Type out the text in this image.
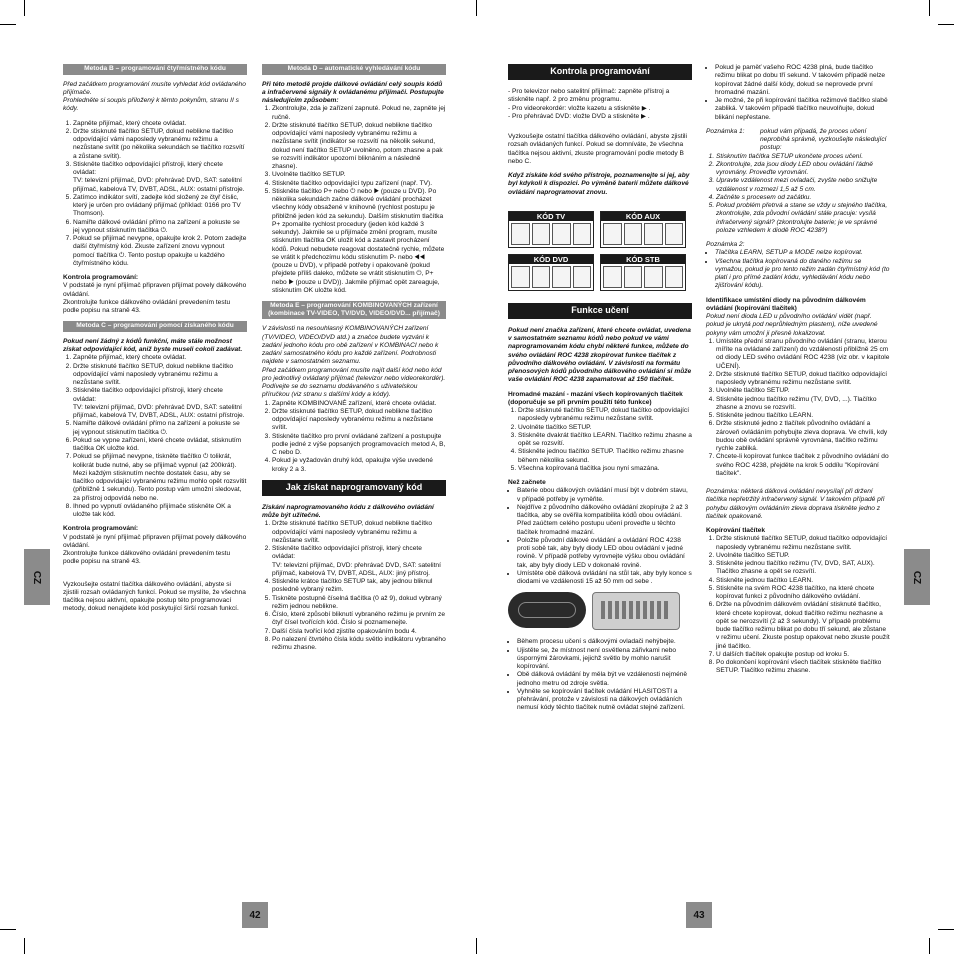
CZ	CZ
42	43
Metoda B – programování čtyřmístného kódu

Před začátkem programování musíte vyhledat kód ovládaného přijímače.

Prohledněte si soupis přiložený k těmto pokynům, stranu II s kódy.

1. Zapněte přijímač, který chcete ovládat.
2. Držte stisknuté tlačítko SETUP, dokud neblikne tlačítko odpovídající vámi naposledy vybranému režimu a nezůstane svítit (po několika sekundách se tlačítko rozsvítí a zůstane svítit).
3. Stiskněte tlačítko odpovídající přístroji, který chcete ovládat:
TV: televizní přijímač, DVD: přehrávač DVD, SAT: satelitní přijímač, kabelová TV, DVBT, ADSL, AUX: ostatní přístroje.
5. Zatímco indikátor svítí, zadejte kód složený ze čtyř číslic, který je určen pro ovládaný přijímač (příklad: 0166 pro TV Thomson).
6. Namiřte dálkové ovládání přímo na zařízení a pokuste se jej vypnout stisknutím tlačítka ⏻.
7. Pokud se přijímač nevypne, opakujte krok 2. Potom zadejte další čtyřmístný kód. Zkuste zařízení znovu vypnout pomocí tlačítka ⏻. Tento postup opakujte u každého čtyřmístného kódu.

Kontrola programování:

V podstatě je nyní přijímač připraven přijímat povely dálkového ovládání.

Zkontrolujte funkce dálkového ovládání prevedením testu podle popisu na straně 43.

Metoda C – programování pomocí získaného kódu

Pokud není žádný z kódů funkční, máte stále možnost získat odpovídající kód, aniž byste museli cokoli zadávat.

1. Zapněte přijímač, který chcete ovládat.
2. Držte stisknuté tlačítko SETUP, dokud neblikne tlačítko odpovídající vámi naposledy vybranému režimu a nezůstane svítit.
3. Stiskněte tlačítko odpovídající přístroji, který chcete ovládat:
TV: televizní přijímač, DVD: přehrávač DVD, SAT: satelitní přijímač, kabelová TV, DVBT, ADSL, AUX: ostatní přístroje.
5. Namiřte dálkové ovládání přímo na zařízení a pokuste se jej vypnout stisknutím tlačítka ⏻.
6. Pokud se vypne zařízení, které chcete ovládat, stisknutím tlačítka OK uložte kód.
7. Pokud se přijímač nevypne, tiskněte tlačítko ⏻ tolikrát, kolikrát bude nutné, aby se přijímač vypnul (až 200krát). Mezi každým stisknutím nechte dostatek času, aby se tlačítko odpovídající vybranému režimu mohlo opět rozsvítit (přibližně 1 sekundu). Tento postup vám umožní sledovat, za přístroj odpovídá nebo ne.
8. Ihned po vypnutí ovládaného přijímače stiskněte OK a uložte tak kód.

Kontrola programování:

V podstatě je nyní přijímač připraven přijímat povely dálkového ovládání.

Zkontrolujte funkce dálkového ovládání prevedením testu podle popisu na straně 43.

Vyzkoušejte ostatní tlačítka dálkového ovládání, abyste si zjistili rozsah ovládaných funkcí. Pokud se myslíte, že všechna tlačítka nejsou aktivní, opakujte postup této programovací metody, dokud nenajdete kód poskytující širší rozsah funkcí.

Metoda D – automatické vyhledávání kódu

Při této metodě projde dálkové ovládání celý soupis kódů a infračervené signály k ovládanému přijímači. Postupujte následujícím způsobem:

1. Zkontrolujte, zda je zařízení zapnuté. Pokud ne, zapněte jej ručně.
2. Držte stisknuté tlačítko SETUP, dokud neblikne tlačítko odpovídající vámi naposledy vybranému režimu a nezůstane svítit (indikátor se rozsvítí na několik sekund, dokud není tlačítko SETUP uvolněno, potom zhasne a pak se rozsvítí indikátor upozorní bliknáním a následně zhasne).
3. Uvolněte tlačítko SETUP.
4. Stiskněte tlačítko odpovídající typu zařízení (např. TV).
5. Stiskněte tlačítko P+ nebo ⏻ nebo ▶ (pouze u DVD). Po několika sekundách začne dálkové ovládání procházet všechny kódy obsažené v knihovně (rychlost postupu je přibližně jeden kód za sekundu). Dalším stisknutím tlačítka P+ zpomalíte rychlost procedury (jeden kód každé 3 sekundy). Jakmile se u přijímače změní program, musíte stisknutím tlačítka OK uložit kód a zastavit procházení kódů. Pokud nebudete reagovat dostatečně rychle, můžete se vrátit k předchozímu kódu stisknutím P- nebo ◀◀ (pouze u DVD), v případě potřeby i opakovaně (pokud přejdete příliš daleko, můžete se vrátit stisknutím ⏻, P+ nebo ▶ (pouze u DVD)). Jakmile přijímač opět zareaguje, stisknutím OK uložte kód.
Metoda E – programování KOMBINOVANÝCH zařízení (kombinace TV-VIDEO, TV/DVD, VIDEO/DVD... přijímač)

V závislosti na nesouhlasný KOMBINOVANÝCH zařízení (TV/VIDEO, VIDEO/DVD atd.) a značce budete vyzváni k zadání jednoho kódu pro obě zařízení v KOMBINACI nebo k zadání samostatného kódu pro každé zařízení. Podrobnosti najdete v samostatném seznamu.

Před začátkem programování musíte najít další kód nebo kód pro jednotlivý ovládaný přijímač (televizor nebo videorekordér). Podívejte se do seznamu dodávaného s uživatelskou příručkou (viz stranu s dalšími kódy a kódy).

1. Zapněte KOMBINOVANÉ zařízení, které chcete ovládat.
2. Držte stisknuté tlačítko SETUP, dokud neblikne tlačítko odpovídající naposledy vybranému režimu a nezůstane svítit.
3. Stiskněte tlačítko pro první ovládané zařízení a postupujte podle jedné z výše popsaných programovacích metod A, B, C nebo D.
4. Pokud je vyžadován druhý kód, opakujte výše uvedené kroky 2 a 3.
Jak získat naprogramovaný kód

Získání naprogramovaného kódu z dálkového ovládání může být užitečné.

1. Držte stisknuté tlačítko SETUP, dokud neblikne tlačítko odpovídající vámi naposledy vybranému režimu a nezůstane svítit.
2. Stiskněte tlačítko odpovídající přístroji, který chcete ovládat:
TV: televizní přijímač, DVD: přehrávač DVD, SAT: satelitní přijímač, kabelová TV, DVBT, ADSL, AUX: jiný přístroj.
4. Stiskněte krátce tlačítko SETUP tak, aby jednou bliknul posledně vybraný režim.
5. Tiskněte postupně číselná tlačítka (0 až 9), dokud vybraný režim jednou neblikne.
6. Číslo, které způsobí bliknutí vybraného režimu je prvním ze čtyř čísel tvořících kód. Číslo si poznamenejte.
7. Další čísla tvořící kód zjistíte opakováním bodu 4.
8. Po nalezení čtvrtého čísla kódu světlo indikátoru vybraného režimu zhasne.
Kontrola programování

- Pro televizor nebo satelitní přijímač: zapněte přístroj a stiskněte např. 2 pro změnu programu.

- Pro videorekordér: vložte kazetu a stiskněte ▶ .

- Pro přehrávač DVD: vložte DVD a stiskněte ▶ .

Vyzkoušejte ostatní tlačítka dálkového ovládání, abyste zjistili rozsah ovládaných funkcí. Pokud se domníváte, že všechna tlačítka nejsou aktivní, zkuste programování podle metody B nebo C.

Když získáte kód svého přístroje, poznamenejte si jej, aby byl kdykoli k dispozici. Po výměně baterií můžete dálkové ovládání naprogramovat znovu.

KÓD TV	KÓD AUX
KÓD DVD	KÓD STB
Funkce učení

Pokud není značka zařízení, které chcete ovládat, uvedena v samostatném seznamu kódů nebo pokud ve vámi naprogramovaném kódu chybí některé funkce, můžete do svého ovládání ROC 4238 zkopírovat funkce tlačítek z původního dálkového ovládání. V závislosti na formátu přenosových kódů původního dálkového ovládání si může vaše ovládání ROC 4238 zapamatovat až 150 tlačítek.

Hromadné mazání - mazání všech kopírovaných tlačítek (doporučuje se při prvním použití této funkce)

1. Držte stisknuté tlačítko SETUP, dokud tlačítko odpovídající naposledy vybranému režimu nezůstane svítit.
2. Uvolněte tlačítko SETUP.
3. Stiskněte dvakrát tlačítko LEARN. Tlačítko režimu zhasne a opět se rozsvítí.
4. Stiskněte jednou tlačítko SETUP. Tlačítko režimu zhasne během několika sekund.
5. Všechna kopírovaná tlačítka jsou nyní smazána.

Než začnete

• Baterie obou dálkových ovládání musí být v dobrém stavu, v případě potřeby je vyměňte.
• Nejdříve z původního dálkového ovládání zkopírujte 2 až 3 tlačítka, aby se ověřila kompatibilita kódů obou ovládání. Před zaúčtem celého postupu učení proveďte u těchto tlačítek hromadné mazání.
• Položte původní dálkové ovládání a ovládání ROC 4238 proti sobě tak, aby byly diody LED obou ovládání v jedné rovině. V případě potřeby vyrovnejte výšku obou ovládání tak, aby byly diody LED v dokonalé rovině.
• Umístěte obě dálková ovládání na stůl tak, aby byly konce s diodami ve vzdálenosti 15 až 50 mm od sebe .
• Během procesu učení s dálkovými ovladači nehýbejte.
• Ujistěte se, že místnost není osvětlena zářivkami nebo úspornými žárovkami, jejichž světlo by mohlo narušit kopírování.
• Obě dálková ovládání by měla být ve vzdálenosti nejméně jednoho metru od zdroje světla.
• Vyhněte se kopírování tlačítek ovládání HLASITOSTI a přehrávání, protože v závislosti na dálkových ovládáních nemusí kódy těchto tlačítek nutně ovládat stejné zařízení.
• Pokud je paměť vašeho ROC 4238 plná, bude tlačítko režimu blikat po dobu tří sekund. V takovém případě nelze kopírovat žádné další kódy, dokud se neprovede první hromadné mazání.
• Je možné, že při kopírování tlačítka režimové tlačítko slabě zabliká. V takovém případě tlačítko neuvolňujte, dokud blikání nepřestane.

Poznámka 1:	pokud vám připadá, že proces učení neprobíhá správně, vyzkoušejte následující postup:

1. Stisknutím tlačítka SETUP ukončete proces učení.
2. Zkontrolujte, zda jsou diody LED obou ovládání řádně vyrovnány. Proveďte vyrovnání.
3. Upravte vzdálenost mezi ovladači, zvyšte nebo snižujte vzdálenost v rozmezí 1,5 až 5 cm.
4. Začněte s procesem od začátku.
5. Pokud problém přetrvá a stane se vždy u stejného tlačítka, zkontrolujte, zda původní ovládání stále pracuje: vysílá infračervený signál? (zkontrolujte baterie; je ve správné poloze vzhledem k diodě ROC 4238?)

Poznámka 2:

• Tlačítka LEARN, SETUP a MODE nelze kopírovat.
• Všechna tlačítka kopírovaná do daného režimu se vymažou, pokud je pro tento režim zadán čtyřmístný kód (to platí i pro přímé zadání kódu, vyhledávání kódu nebo zjišťování kódu).

Identifikace umístění diody na původním dálkovém ovládání (kopírování tlačítek)

Pokud není dioda LED u původního ovládání vidět (např. pokud je ukrytá pod neprůhledným plastem), níže uvedené pokyny vám umožní ji přesně lokalizovat.

1. Umístěte přední stranu původního ovládání (stranu, kterou míříte na ovládané zařízení) do vzdálenosti přibližně 25 cm od diody LED svého ovládání ROC 4238 (viz obr. v kapitole UČENÍ).
2. Držte stisknuté tlačítko SETUP, dokud tlačítko odpovídající naposledy vybranému režimu nezůstane svítit.
3. Uvolněte tlačítko SETUP.
4. Stiskněte jednou tlačítko režimu (TV, DVD, ...). Tlačítko zhasne a znovu se rozsvítí.
5. Stiskněte jednou tlačítko LEARN.
6. Držte stisknuté jedno z tlačítek původního ovládání a zároveň ovládáním pohybujte zleva doprava. Ve chvíli, kdy budou obě ovládání správně vyrovnána, tlačítko režimu rychle zabliká.
7. Chcete-li kopírovat funkce tlačítek z původního ovládání do svého ROC 4238, přejděte na krok 5 oddílu "Kopírování tlačítek".

Poznámka: některá dálková ovládání nevysílají při držení tlačítka nepřetržitý infračervený signál. V takovém případě při pohybu dálkovým ovládáním zleva doprava tiskněte jedno z tlačítek opakovaně.

Kopírování tlačítek

1. Držte stisknuté tlačítko SETUP, dokud tlačítko odpovídající naposledy vybranému režimu nezůstane svítit.
2. Uvolněte tlačítko SETUP.
3. Stiskněte jednou tlačítko režimu (TV, DVD, SAT, AUX). Tlačítko zhasne a opět se rozsvítí.
4. Stiskněte jednou tlačítko LEARN.
5. Stiskněte na svém ROC 4238 tlačítko, na které chcete kopírovat funkci z původního dálkového ovládání.
6. Držte na původním dálkovém ovládání stisknuté tlačítko, které chcete kopírovat, dokud tlačítko režimu nezhasne a opět se nerozsvítí (2 až 3 sekundy). V případě problému bude tlačítko režimu blikat po dobu tří sekund, ale zůstane v režimu učení. Zkuste postup opakovat nebo zkuste použít jiné tlačítko.
7. U dalších tlačítek opakujte postup od kroku 5.
8. Po dokončení kopírování všech tlačítek stiskněte tlačítko SETUP. Tlačítko režimu zhasne.
